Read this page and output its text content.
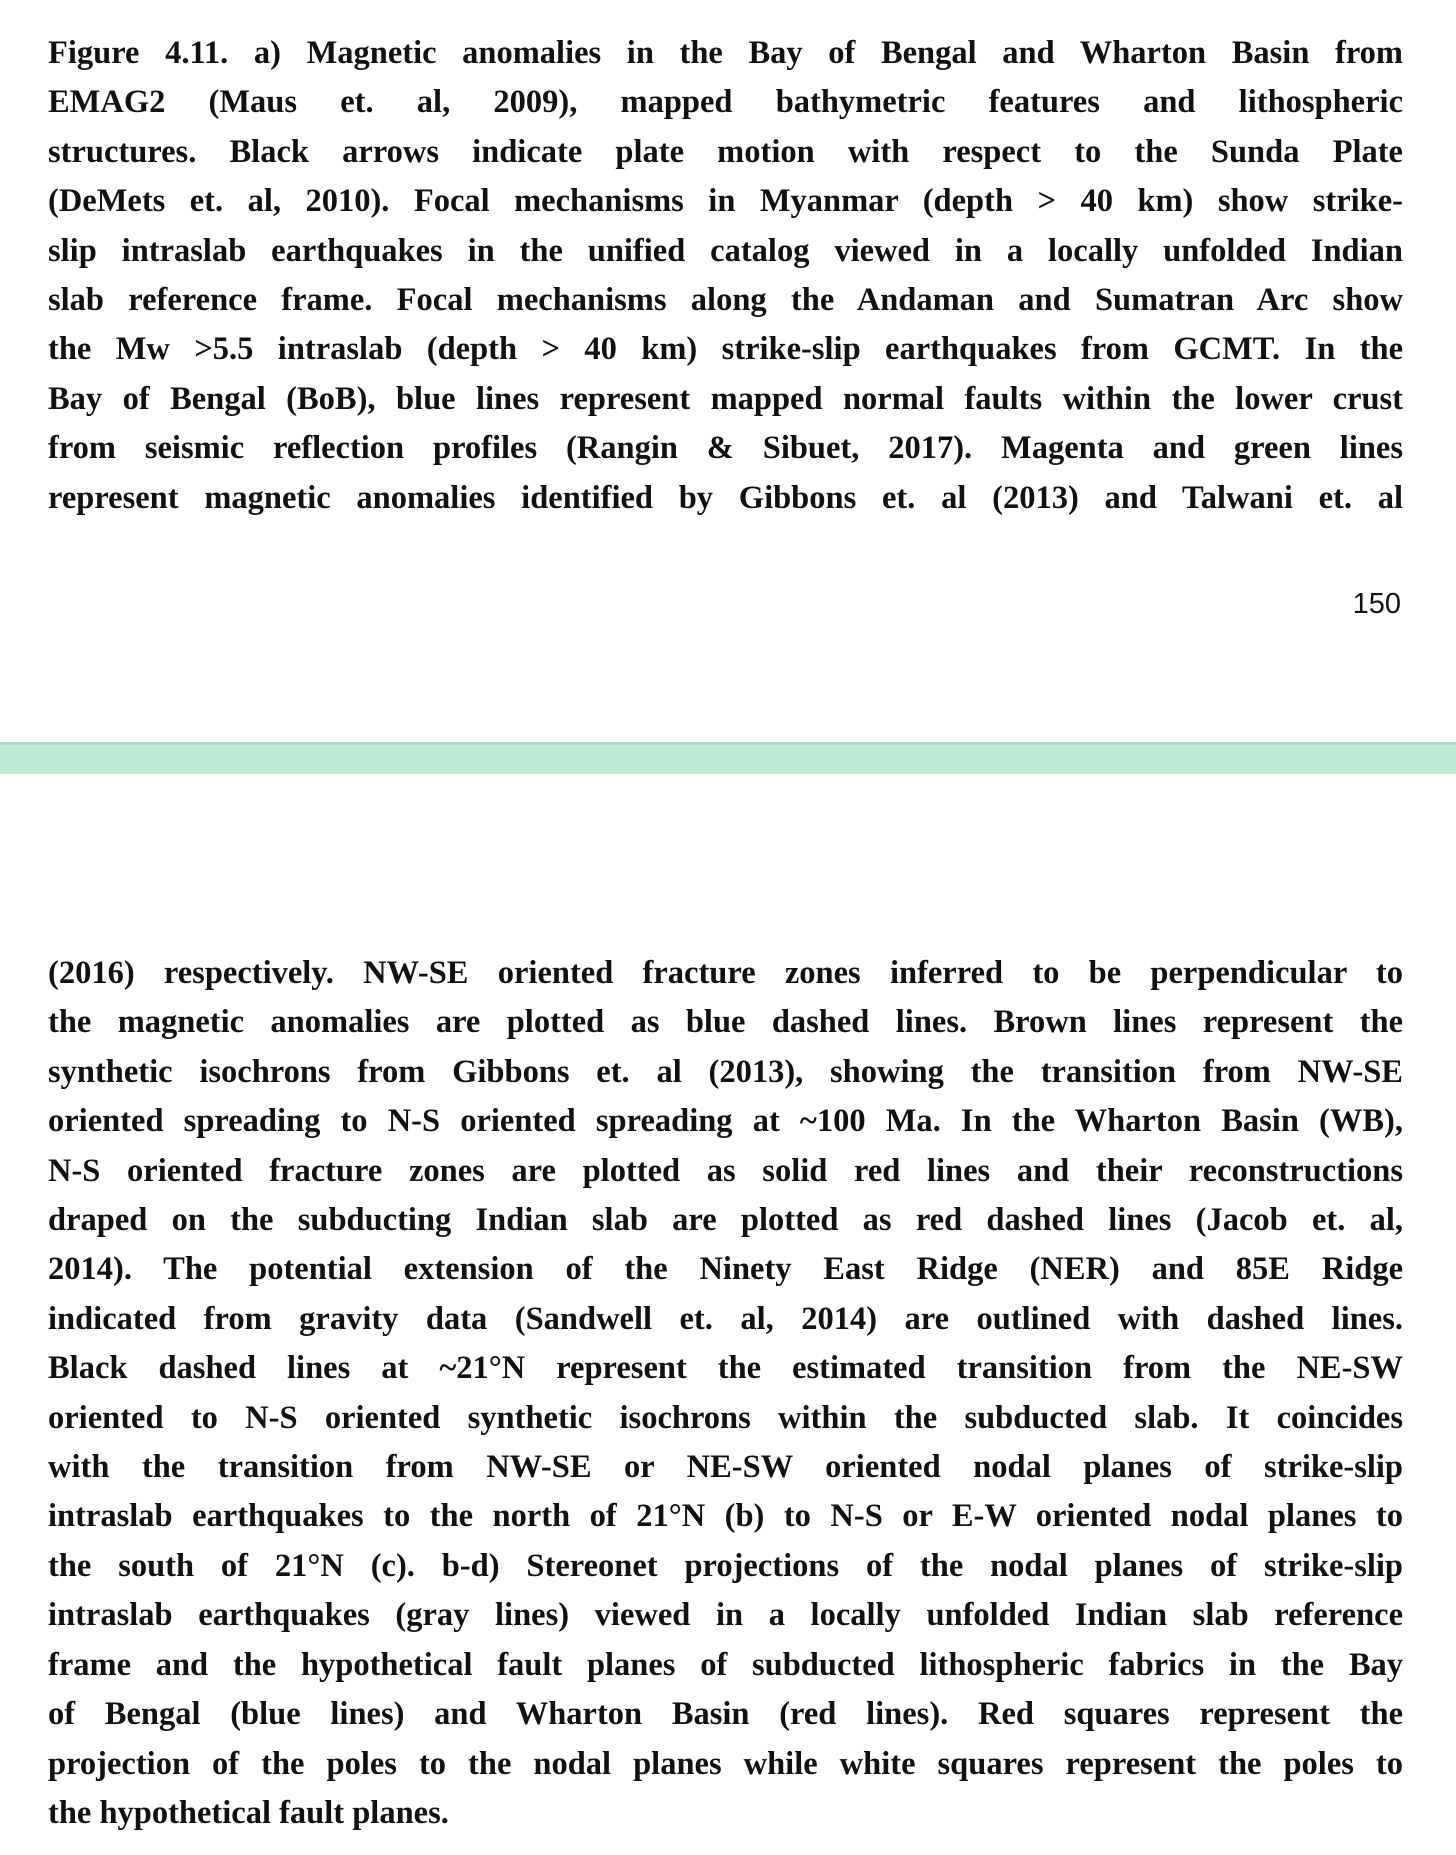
Figure 4.11. a) Magnetic anomalies in the Bay of Bengal and Wharton Basin from
EMAG2 (Maus et. al, 2009), mapped bathymetric features and lithospheric
structures. Black arrows indicate plate motion with respect to the Sunda Plate
(DeMets et. al, 2010). Focal mechanisms in Myanmar (depth > 40 km) show strike-
slip intraslab earthquakes in the unified catalog viewed in a locally unfolded Indian
slab reference frame. Focal mechanisms along the Andaman and Sumatran Arc show
the Mw >5.5 intraslab (depth > 40 km) strike-slip earthquakes from GCMT. In the
Bay of Bengal (BoB), blue lines represent mapped normal faults within the lower crust
from seismic reflection profiles (Rangin & Sibuet, 2017). Magenta and green lines
represent magnetic anomalies identified by Gibbons et. al (2013) and Talwani et. al

150

(2016) respectively. NW-SE oriented fracture zones inferred to be perpendicular to
the magnetic anomalies are plotted as blue dashed lines. Brown lines represent the
synthetic isochrons from Gibbons et. al (2013), showing the transition from NW-SE
oriented spreading to N-S oriented spreading at ~100 Ma. In the Wharton Basin (WB),
N-S oriented fracture zones are plotted as solid red lines and their reconstructions
draped on the subducting Indian slab are plotted as red dashed lines (Jacob et. al,
2014). The potential extension of the Ninety East Ridge (NER) and 85E Ridge
indicated from gravity data (Sandwell et. al, 2014) are outlined with dashed lines.
Black dashed lines at ~21°N represent the estimated transition from the NE-SW
oriented to N-S oriented synthetic isochrons within the subducted slab. It coincides
with the transition from NW-SE or NE-SW oriented nodal planes of strike-slip
intraslab earthquakes to the north of 21°N (b) to N-S or E-W oriented nodal planes to
the south of 21°N (c). b-d) Stereonet projections of the nodal planes of strike-slip
intraslab earthquakes (gray lines) viewed in a locally unfolded Indian slab reference
frame and the hypothetical fault planes of subducted lithospheric fabrics in the Bay
of Bengal (blue lines) and Wharton Basin (red lines). Red squares represent the
projection of the poles to the nodal planes while white squares represent the poles to
the hypothetical fault planes.
